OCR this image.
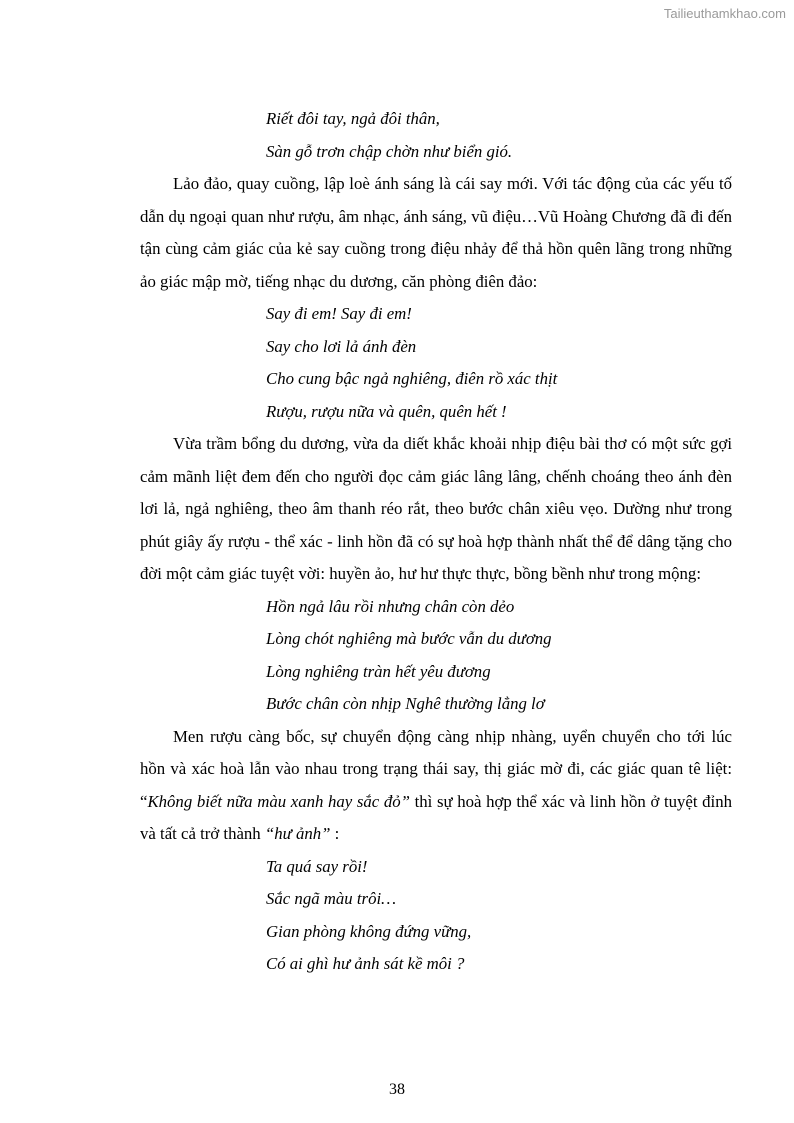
Tailieuthamkhao.com
Riết đôi tay, ngả đôi thân,
Sàn gỗ trơn chập chờn như biển gió.

Lảo đảo, quay cuồng, lập loè ánh sáng là cái say mới. Với tác động của các yếu tố dẫn dụ ngoại quan như rượu, âm nhạc, ánh sáng, vũ điệu…Vũ Hoàng Chương đã đi đến tận cùng cảm giác của kẻ say cuồng trong điệu nhảy để thả hồn quên lãng trong những ảo giác mập mờ, tiếng nhạc du dương, căn phòng điên đảo:

Say đi em! Say đi em!
Say cho lơi lả ánh đèn
Cho cung bậc ngả nghiêng, điên rồ xác thịt
Rượu, rượu nữa và quên, quên hết !

Vừa trầm bổng du dương, vừa da diết khắc khoải nhịp điệu bài thơ có một sức gợi cảm mãnh liệt đem đến cho người đọc cảm giác lâng lâng, chếnh choáng theo ánh đèn lơi lả, ngả nghiêng, theo âm thanh réo rắt, theo bước chân xiêu vẹo. Dường như trong phút giây ấy rượu - thể xác - linh hồn đã có sự hoà hợp thành nhất thể để dâng tặng cho đời một cảm giác tuyệt vời: huyền ảo, hư hư thực thực, bồng bềnh như trong mộng:

Hồn ngả lâu rồi nhưng chân còn dẻo
Lòng chót nghiêng mà bước vẫn du dương
Lòng nghiêng tràn hết yêu đương
Bước chân còn nhịp Nghê thường lẳng lơ

Men rượu càng bốc, sự chuyển động càng nhịp nhàng, uyển chuyển cho tới lúc hồn và xác hoà lẫn vào nhau trong trạng thái say, thị giác mờ đi, các giác quan tê liệt: “Không biết nữa màu xanh hay sắc đỏ” thì sự hoà hợp thể xác và linh hồn ở tuyệt đỉnh và tất cả trở thành “hư ảnh” :

Ta quá say rồi!
Sắc ngã màu trôi…
Gian phòng không đứng vững,
Có ai ghì hư ảnh sát kề môi ?
38
